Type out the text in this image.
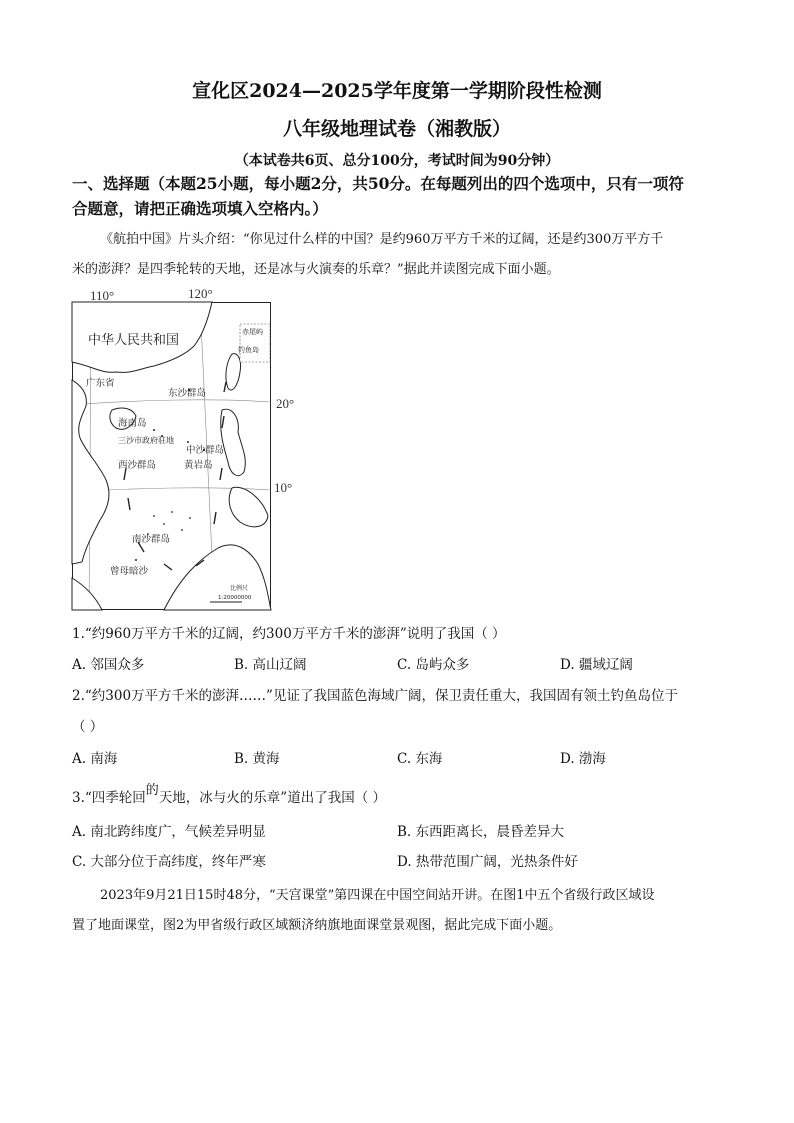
宣化区2024—2025学年度第一学期阶段性检测
八年级地理试卷（湘教版）
（本试卷共6页、总分100分，考试时间为90分钟）
一、选择题（本题25小题，每小题2分，共50分。在每题列出的四个选项中，只有一项符
合题意，请把正确选项填入空格内。）
《航拍中国》片头介绍：“你见过什么样的中国？是约960万平方千米的辽阔，还是约300万平方千
米的澎湃？是四季轮转的天地，还是冰与火演奏的乐章？”据此并读图完成下面小题。
中华人民共和国
广东省
东沙群岛
海南岛
三沙市政府驻地
中沙群岛
西沙群岛	黄岩岛
南沙群岛
曾母暗沙
赤尾屿
钓鱼岛
比例尺
1:20000000
110°	120°
20°
10°
1.“约960万平方千米的辽阔，约300万平方千米的澎湃”说明了我国（ ）
A. 邻国众多	B. 高山辽阔	C. 岛屿众多	D. 疆域辽阔
2.“约300万平方千米的澎湃……”见证了我国蓝色海域广阔，保卫责任重大，我国固有领土钓鱼岛位于
（ ）
A. 南海	B. 黄海	C. 东海	D. 渤海
3.“四季轮回的天地，冰与火的乐章”道出了我国（ ）
A. 南北跨纬度广，气候差异明显	B. 东西距离长，晨昏差异大
C. 大部分位于高纬度，终年严寒	D. 热带范围广阔，光热条件好
2023年9月21日15时48分，“天宫课堂”第四课在中国空间站开讲。在图1中五个省级行政区域设
置了地面课堂，图2为甲省级行政区域额济纳旗地面课堂景观图，据此完成下面小题。
